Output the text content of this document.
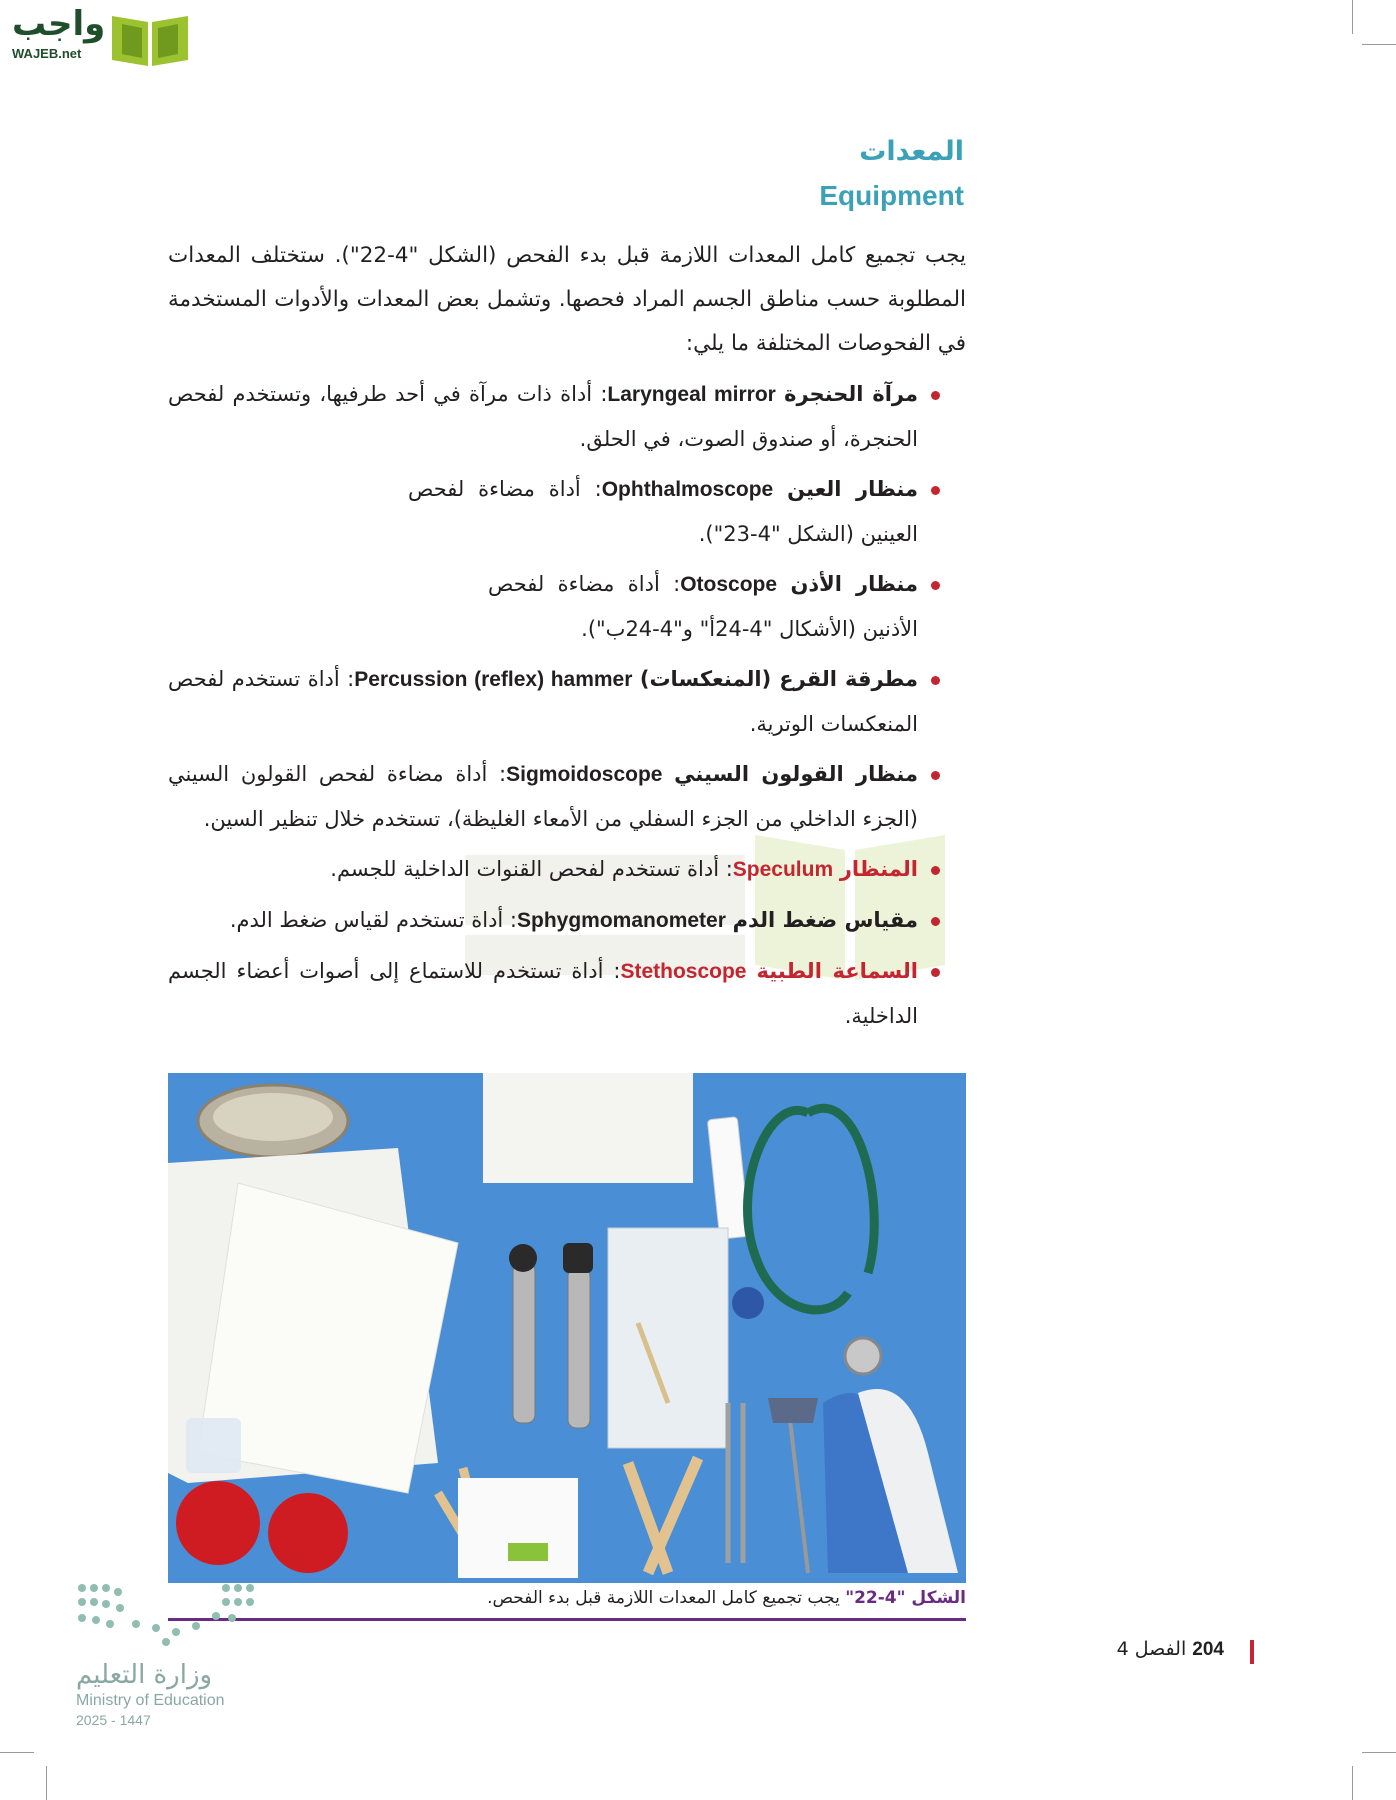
واجب
WAJEB.net
المعدات
Equipment
يجب تجميع كامل المعدات اللازمة قبل بدء الفحص (الشكل "4-22"). ستختلف المعدات المطلوبة حسب مناطق الجسم المراد فحصها. وتشمل بعض المعدات والأدوات المستخدمة في الفحوصات المختلفة ما يلي:
مرآة الحنجرة Laryngeal mirror: أداة ذات مرآة في أحد طرفيها، وتستخدم لفحص الحنجرة، أو صندوق الصوت، في الحلق.
منظار العين Ophthalmoscope: أداة مضاءة لفحص العينين (الشكل "4-23").
منظار الأذن Otoscope: أداة مضاءة لفحص الأذنين (الأشكال "4-24أ" و"4-24ب").
مطرقة القرع (المنعكسات) Percussion (reflex) hammer: أداة تستخدم لفحص المنعكسات الوترية.
منظار القولون السيني Sigmoidoscope: أداة مضاءة لفحص القولون السيني (الجزء الداخلي من الجزء السفلي من الأمعاء الغليظة)، تستخدم خلال تنظير السين.
المنظار Speculum: أداة تستخدم لفحص القنوات الداخلية للجسم.
مقياس ضغط الدم Sphygmomanometer: أداة تستخدم لقياس ضغط الدم.
السماعة الطبية Stethoscope: أداة تستخدم للاستماع إلى أصوات أعضاء الجسم الداخلية.
الشكل "4-22" يجب تجميع كامل المعدات اللازمة قبل بدء الفحص.
وزارة التعليم
Ministry of Education
2025 - 1447
204 الفصل 4
